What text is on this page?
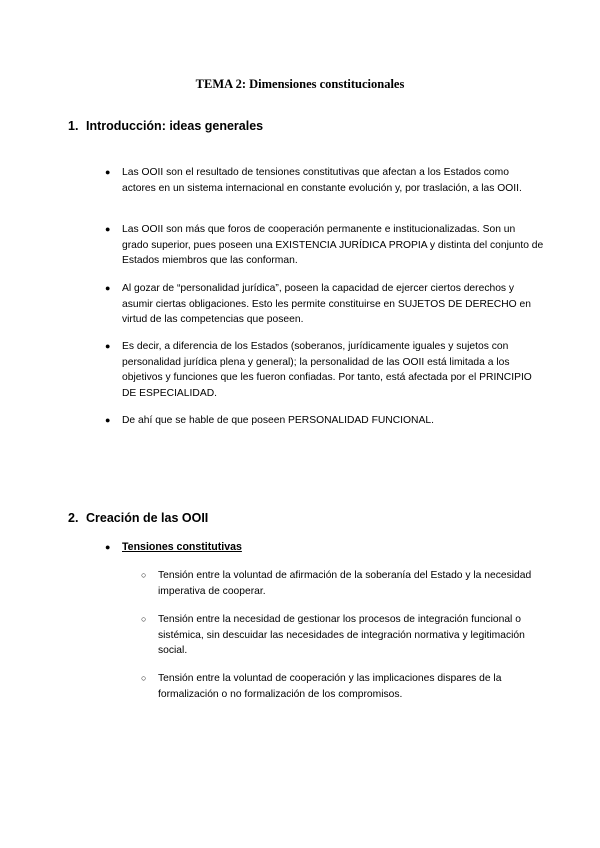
TEMA 2: Dimensiones constitucionales
1. Introducción: ideas generales
● Las OOII son el resultado de tensiones constitutivas que afectan a los Estados como actores en un sistema internacional en constante evolución y, por traslación, a las OOII.
● Las OOII son más que foros de cooperación permanente e institucionalizadas. Son un grado superior, pues poseen una EXISTENCIA JURÍDICA PROPIA y distinta del conjunto de Estados miembros que las conforman.
● Al gozar de “personalidad jurídica”, poseen la capacidad de ejercer ciertos derechos y asumir ciertas obligaciones. Esto les permite constituirse en SUJETOS DE DERECHO en virtud de las competencias que poseen.
● Es decir, a diferencia de los Estados (soberanos, jurídicamente iguales y sujetos con personalidad jurídica plena y general); la personalidad de las OOII está limitada a los objetivos y funciones que les fueron confiadas. Por tanto, está afectada por el PRINCIPIO DE ESPECIALIDAD.
● De ahí que se hable de que poseen PERSONALIDAD FUNCIONAL.
2. Creación de las OOII
● Tensiones constitutivas
○ Tensión entre la voluntad de afirmación de la soberanía del Estado y la necesidad imperativa de cooperar.
○ Tensión entre la necesidad de gestionar los procesos de integración funcional o sistémica, sin descuidar las necesidades de integración normativa y legitimación social.
○ Tensión entre la voluntad de cooperación y las implicaciones dispares de la formalización o no formalización de los compromisos.
